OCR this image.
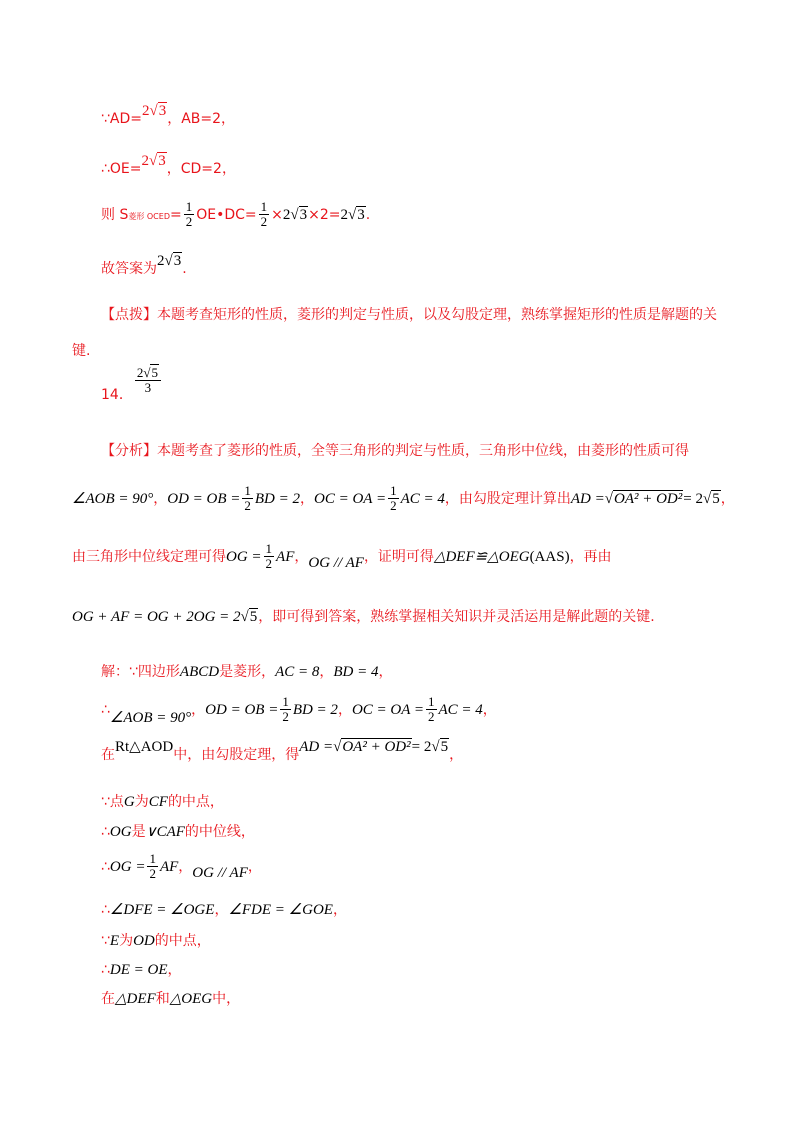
∵AD=2√3，AB=2，
∴OE=2√3，CD=2，
则 S菱形 OCED= $\frac{1}{2}$ OE•DC= $\frac{1}{2} \times 2√3\times 2=2√3$.
故答案为2√3.
【点拨】本题考查矩形的性质，菱形的判定与性质，以及勾股定理，熟练掌握矩形的性质是解题的关
键.
14． $\frac{2√5}{3}$
【分析】本题考查了菱形的性质，全等三角形的判定与性质，三角形中位线，由菱形的性质可得
∠AOB = 90°，OD = OB = $\frac{1}{2}$ BD = 2，OC = OA = $\frac{1}{2}$ AC = 4，由勾股定理计算出AD =√OA² + OD²= 2√5，
由三角形中位线定理可得OG = $\frac{1}{2}$ AF，OG // AF，证明可得△DEF≌△OEG(AAS)，再由
OG + AF = OG + 2OG = 2√5，即可得到答案，熟练掌握相关知识并灵活运用是解此题的关键.
解：∵四边形ABCD是菱形，AC = 8，BD = 4，
∴∠AOB = 90°，OD = OB = $\frac{1}{2}$ BD = 2，OC = OA = $\frac{1}{2}$ AC = 4，
在Rt△AOD中，由勾股定理，得AD =√OA² + OD²= 2√5，
∵点G为CF的中点，
∴OG是∨CAF的中位线，
∴OG = $\frac{1}{2}$ AF，OG // AF，
∴∠DFE = ∠OGE，∠FDE = ∠GOE，
∵E为OD的中点，
∴DE = OE，
在△DEF和△OEG中，
